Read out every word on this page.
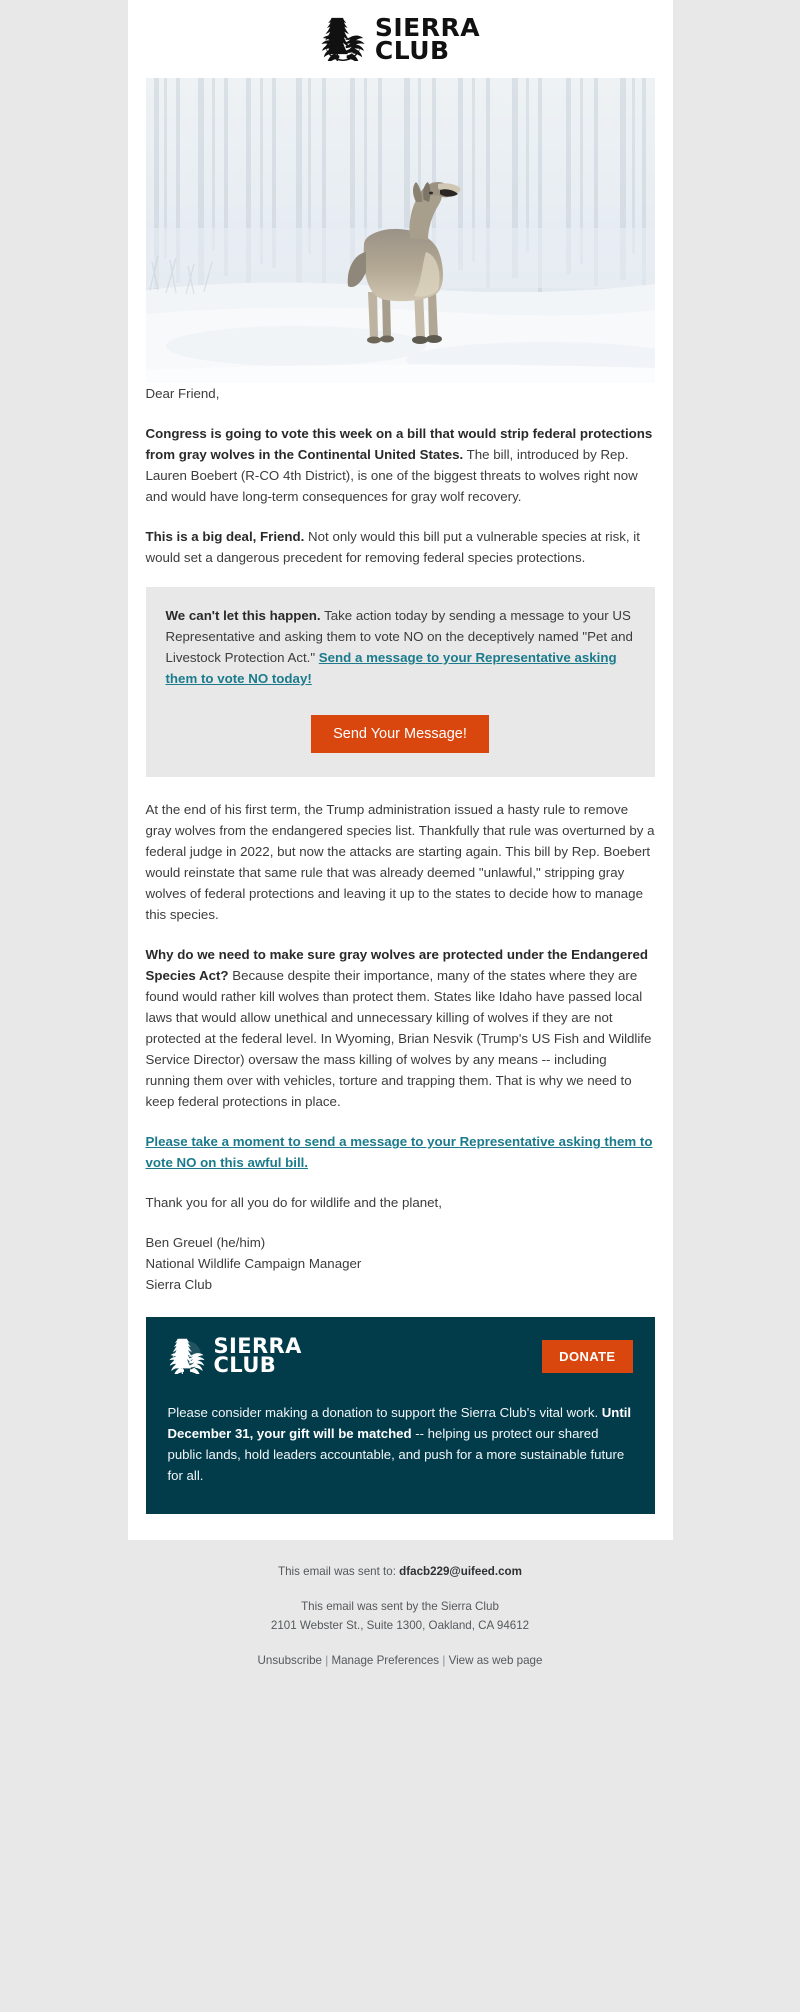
SIERRA
CLUB

Dear Friend,

Congress is going to vote this week on a bill that would strip federal protections from gray wolves in the Continental United States. The bill, introduced by Rep. Lauren Boebert (R-CO 4th District), is one of the biggest threats to wolves right now and would have long-term consequences for gray wolf recovery.

This is a big deal, Friend. Not only would this bill put a vulnerable species at risk, it would set a dangerous precedent for removing federal species protections.

We can't let this happen. Take action today by sending a message to your US Representative and asking them to vote NO on the deceptively named "Pet and Livestock Protection Act." Send a message to your Representative asking them to vote NO today!

Send Your Message!

At the end of his first term, the Trump administration issued a hasty rule to remove gray wolves from the endangered species list. Thankfully that rule was overturned by a federal judge in 2022, but now the attacks are starting again. This bill by Rep. Boebert would reinstate that same rule that was already deemed "unlawful," stripping gray wolves of federal protections and leaving it up to the states to decide how to manage this species.

Why do we need to make sure gray wolves are protected under the Endangered Species Act? Because despite their importance, many of the states where they are found would rather kill wolves than protect them. States like Idaho have passed local laws that would allow unethical and unnecessary killing of wolves if they are not protected at the federal level. In Wyoming, Brian Nesvik (Trump's US Fish and Wildlife Service Director) oversaw the mass killing of wolves by any means -- including running them over with vehicles, torture and trapping them. That is why we need to keep federal protections in place.

Please take a moment to send a message to your Representative asking them to vote NO on this awful bill.

Thank you for all you do for wildlife and the planet,

Ben Greuel (he/him)
National Wildlife Campaign Manager
Sierra Club

SIERRA
CLUB	DONATE

Please consider making a donation to support the Sierra Club's vital work. Until December 31, your gift will be matched -- helping us protect our shared public lands, hold leaders accountable, and push for a more sustainable future for all.

This email was sent to: dfacb229@uifeed.com
This email was sent by the Sierra Club
2101 Webster St., Suite 1300, Oakland, CA 94612
Unsubscribe | Manage Preferences | View as web page
